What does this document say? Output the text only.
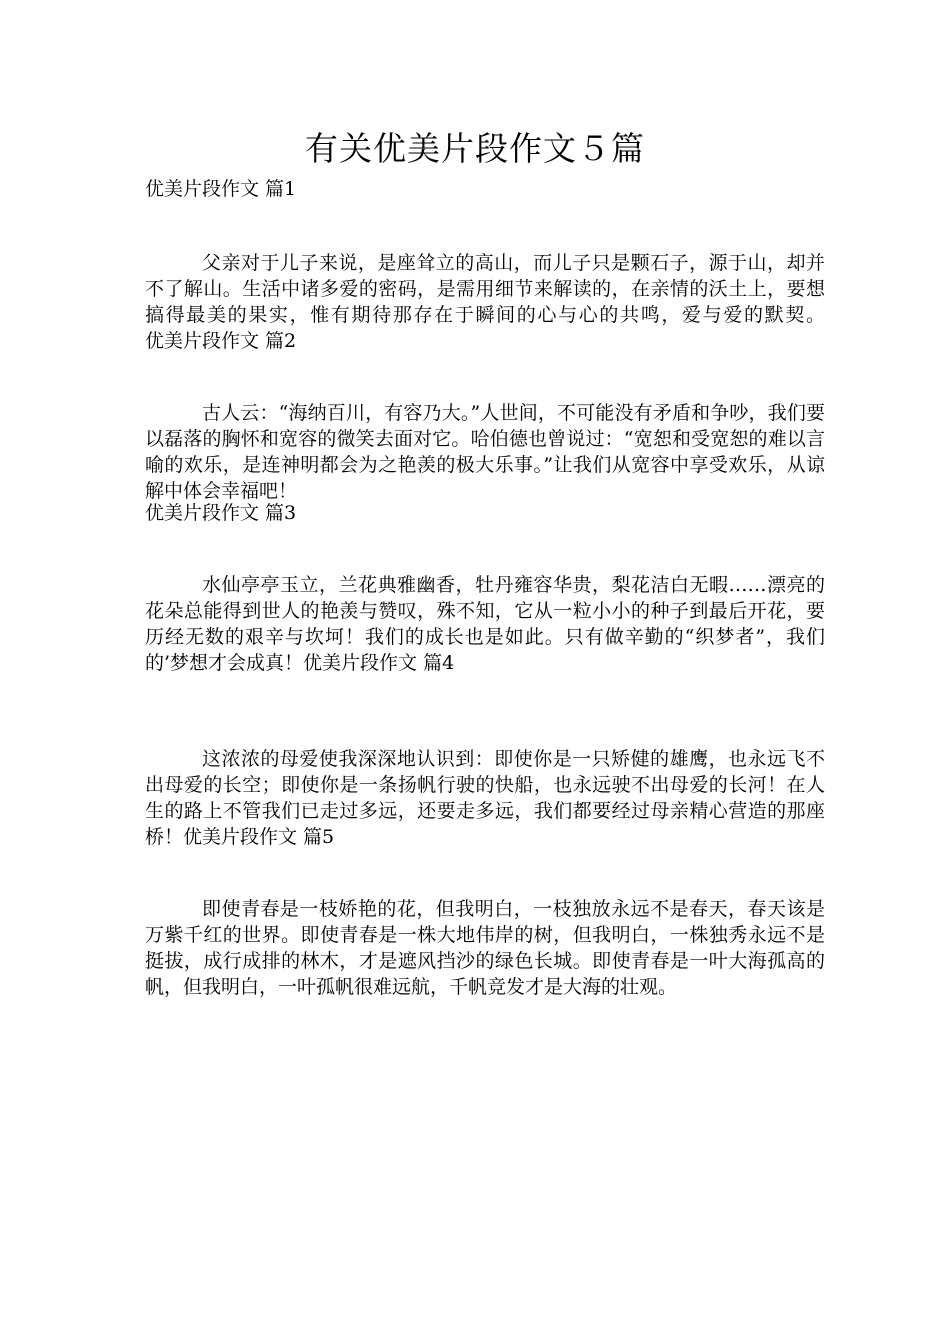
有关优美片段作文５篇

优美片段作文 篇1

父亲对于儿子来说，是座耸立的高山，而儿子只是颗石子，源于山，却并不了解山。生活中诸多爱的密码，是需用细节来解读的，在亲情的沃土上，要想搞得最美的果实，惟有期待那存在于瞬间的心与心的共鸣，爱与爱的默契。优美片段作文 篇2

古人云：“海纳百川，有容乃大。”人世间，不可能没有矛盾和争吵，我们要以磊落的胸怀和宽容的微笑去面对它。哈伯德也曾说过：“宽恕和受宽恕的难以言喻的欢乐，是连神明都会为之艳羡的极大乐事。”让我们从宽容中享受欢乐，从谅解中体会幸福吧！

优美片段作文 篇3

水仙亭亭玉立，兰花典雅幽香，牡丹雍容华贵，梨花洁白无暇……漂亮的花朵总能得到世人的艳羡与赞叹，殊不知，它从一粒小小的种子到最后开花，要历经无数的艰辛与坎坷！我们的成长也是如此。只有做辛勤的“织梦者”，我们的’梦想才会成真！优美片段作文 篇4

这浓浓的母爱使我深深地认识到：即使你是一只矫健的雄鹰，也永远飞不出母爱的长空；即使你是一条扬帆行驶的快船，也永远驶不出母爱的长河！在人生的路上不管我们已走过多远，还要走多远，我们都要经过母亲精心营造的那座桥！优美片段作文 篇5

即使青春是一枝娇艳的花，但我明白，一枝独放永远不是春天，春天该是万紫千红的世界。即使青春是一株大地伟岸的树，但我明白，一株独秀永远不是挺拔，成行成排的林木，才是遮风挡沙的绿色长城。即使青春是一叶大海孤高的帆，但我明白，一叶孤帆很难远航，千帆竞发才是大海的壮观。
